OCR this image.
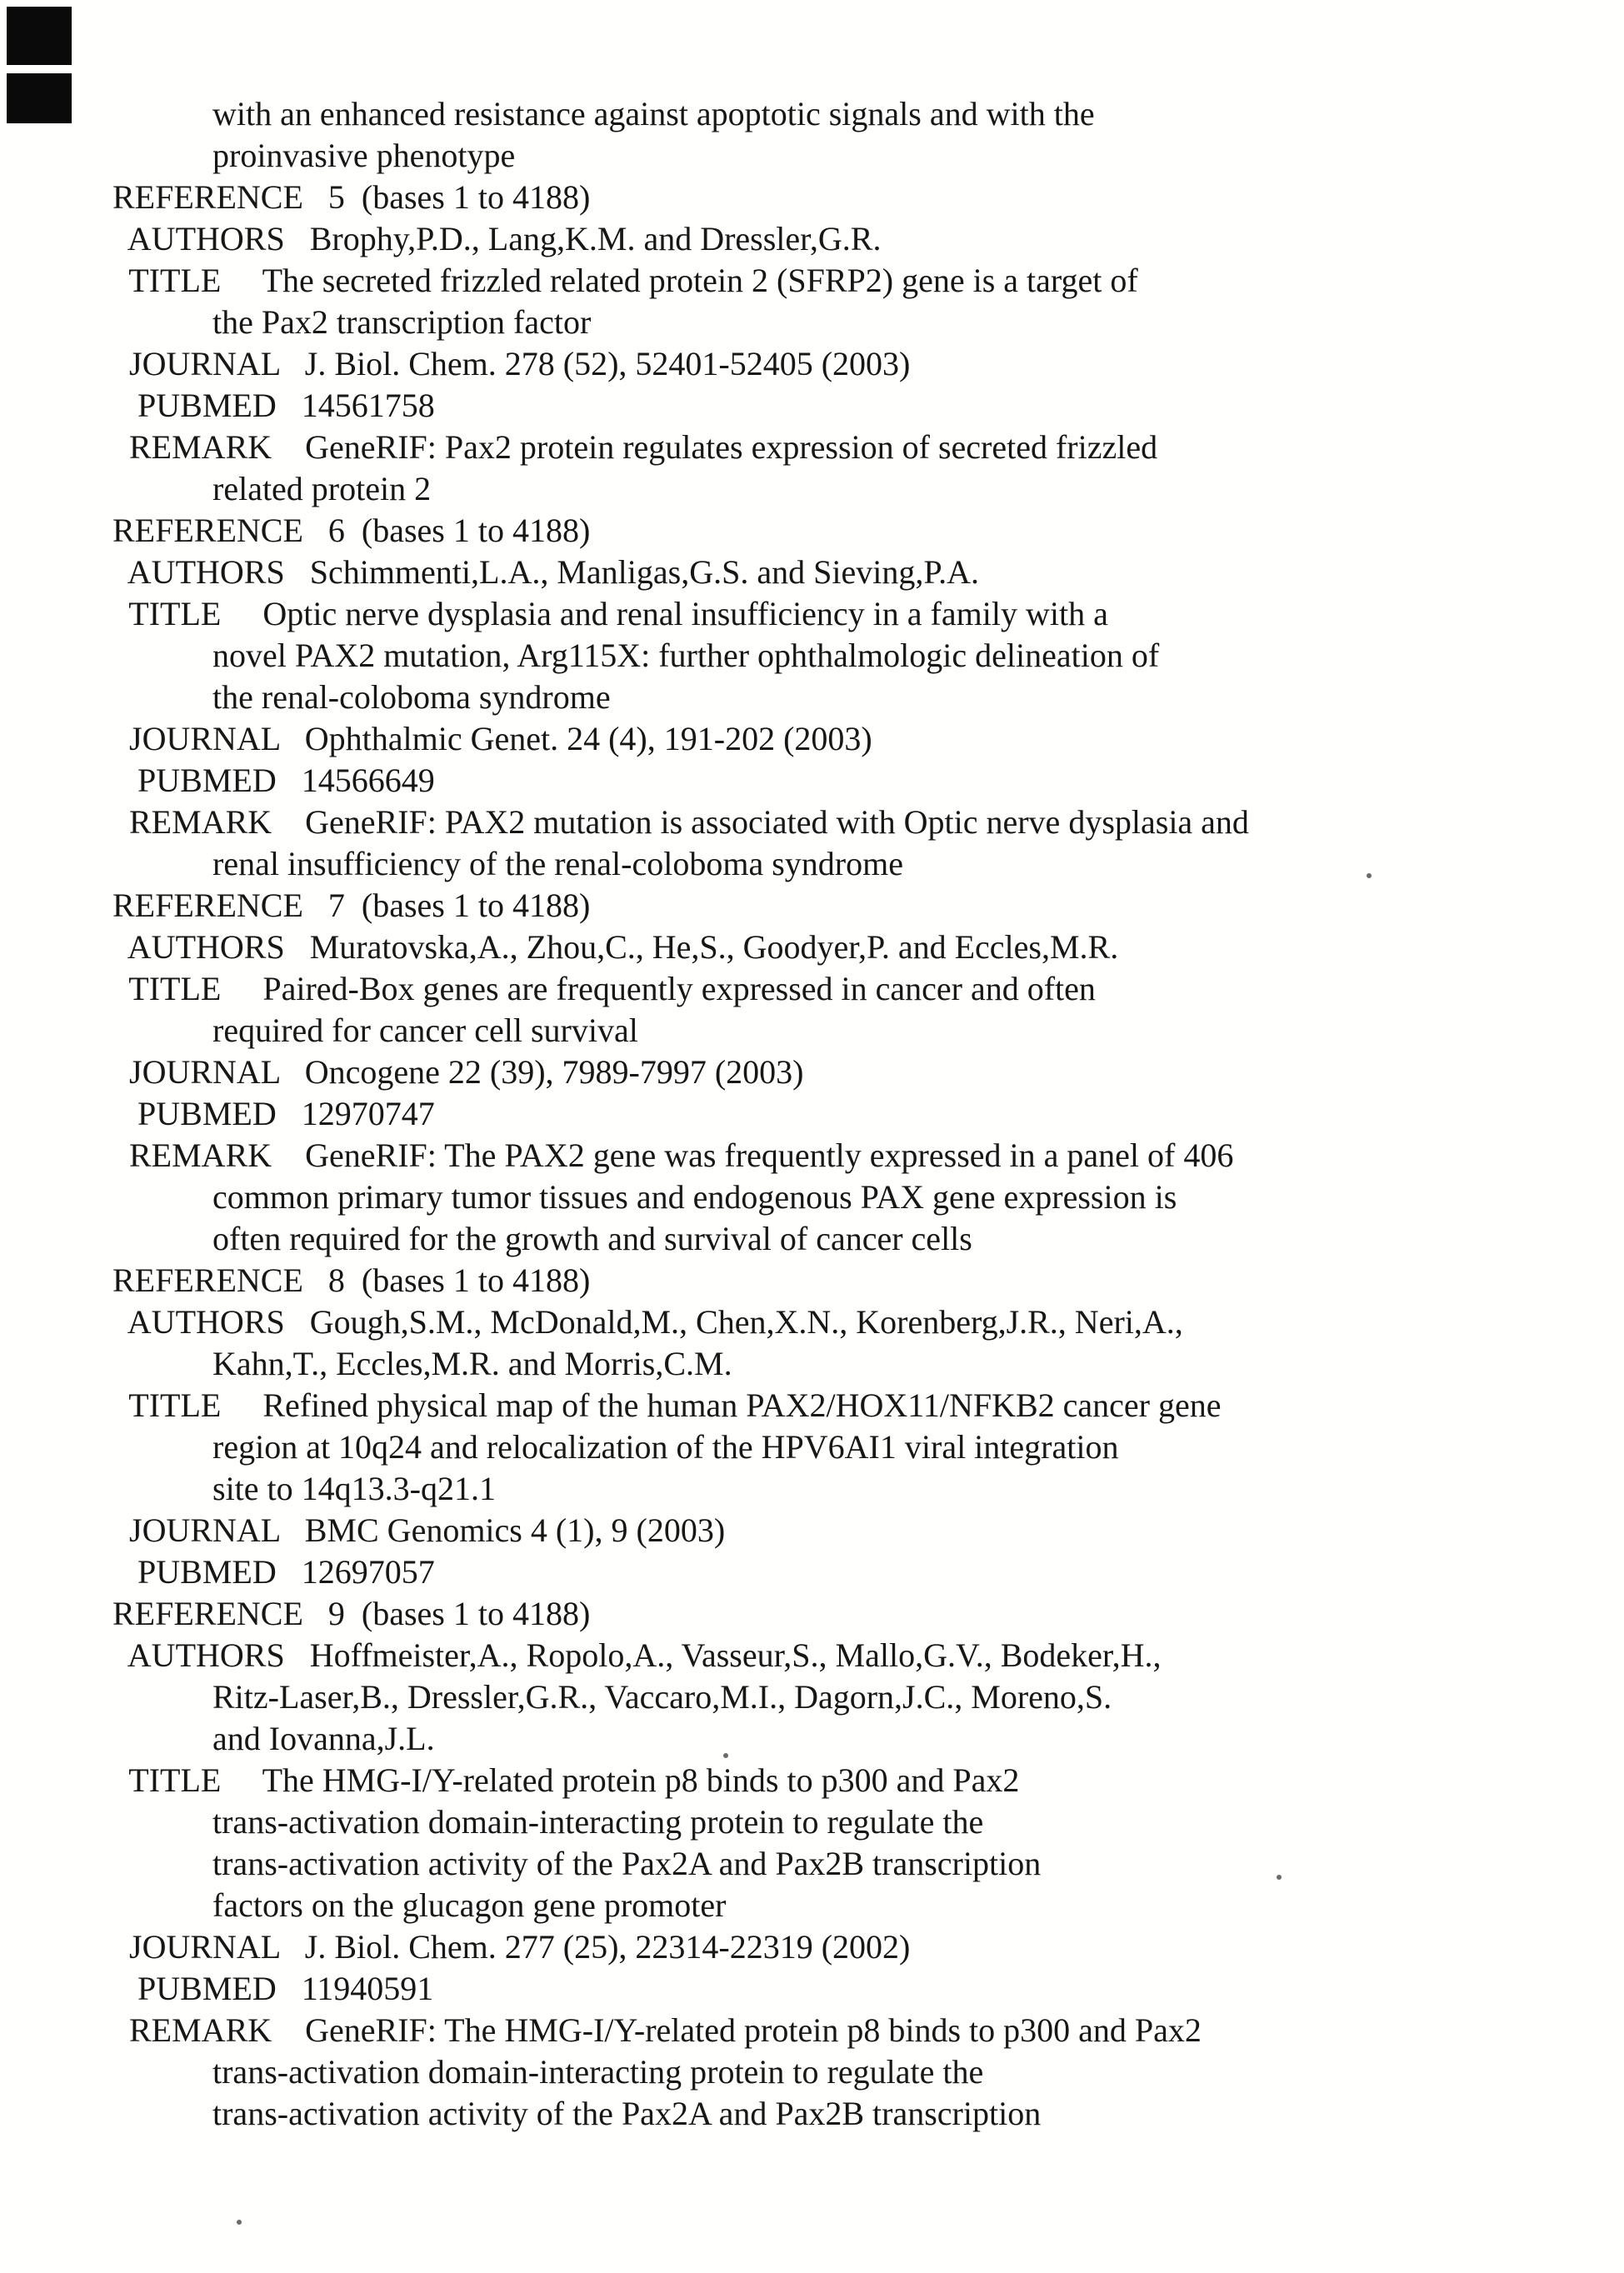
with an enhanced resistance against apoptotic signals and with the
proinvasive phenotype
REFERENCE   5  (bases 1 to 4188)
AUTHORS   Brophy,P.D., Lang,K.M. and Dressler,G.R.
TITLE     The secreted frizzled related protein 2 (SFRP2) gene is a target of
the Pax2 transcription factor
JOURNAL   J. Biol. Chem. 278 (52), 52401-52405 (2003)
PUBMED   14561758
REMARK    GeneRIF: Pax2 protein regulates expression of secreted frizzled
related protein 2
REFERENCE   6  (bases 1 to 4188)
AUTHORS   Schimmenti,L.A., Manligas,G.S. and Sieving,P.A.
TITLE     Optic nerve dysplasia and renal insufficiency in a family with a
novel PAX2 mutation, Arg115X: further ophthalmologic delineation of
the renal-coloboma syndrome
JOURNAL   Ophthalmic Genet. 24 (4), 191-202 (2003)
PUBMED   14566649
REMARK    GeneRIF: PAX2 mutation is associated with Optic nerve dysplasia and
renal insufficiency of the renal-coloboma syndrome
REFERENCE   7  (bases 1 to 4188)
AUTHORS   Muratovska,A., Zhou,C., He,S., Goodyer,P. and Eccles,M.R.
TITLE     Paired-Box genes are frequently expressed in cancer and often
required for cancer cell survival
JOURNAL   Oncogene 22 (39), 7989-7997 (2003)
PUBMED   12970747
REMARK    GeneRIF: The PAX2 gene was frequently expressed in a panel of 406
common primary tumor tissues and endogenous PAX gene expression is
often required for the growth and survival of cancer cells
REFERENCE   8  (bases 1 to 4188)
AUTHORS   Gough,S.M., McDonald,M., Chen,X.N., Korenberg,J.R., Neri,A.,
Kahn,T., Eccles,M.R. and Morris,C.M.
TITLE     Refined physical map of the human PAX2/HOX11/NFKB2 cancer gene
region at 10q24 and relocalization of the HPV6AI1 viral integration
site to 14q13.3-q21.1
JOURNAL   BMC Genomics 4 (1), 9 (2003)
PUBMED   12697057
REFERENCE   9  (bases 1 to 4188)
AUTHORS   Hoffmeister,A., Ropolo,A., Vasseur,S., Mallo,G.V., Bodeker,H.,
Ritz-Laser,B., Dressler,G.R., Vaccaro,M.I., Dagorn,J.C., Moreno,S.
and Iovanna,J.L.
TITLE     The HMG-I/Y-related protein p8 binds to p300 and Pax2
trans-activation domain-interacting protein to regulate the
trans-activation activity of the Pax2A and Pax2B transcription
factors on the glucagon gene promoter
JOURNAL   J. Biol. Chem. 277 (25), 22314-22319 (2002)
PUBMED   11940591
REMARK    GeneRIF: The HMG-I/Y-related protein p8 binds to p300 and Pax2
trans-activation domain-interacting protein to regulate the
trans-activation activity of the Pax2A and Pax2B transcription
